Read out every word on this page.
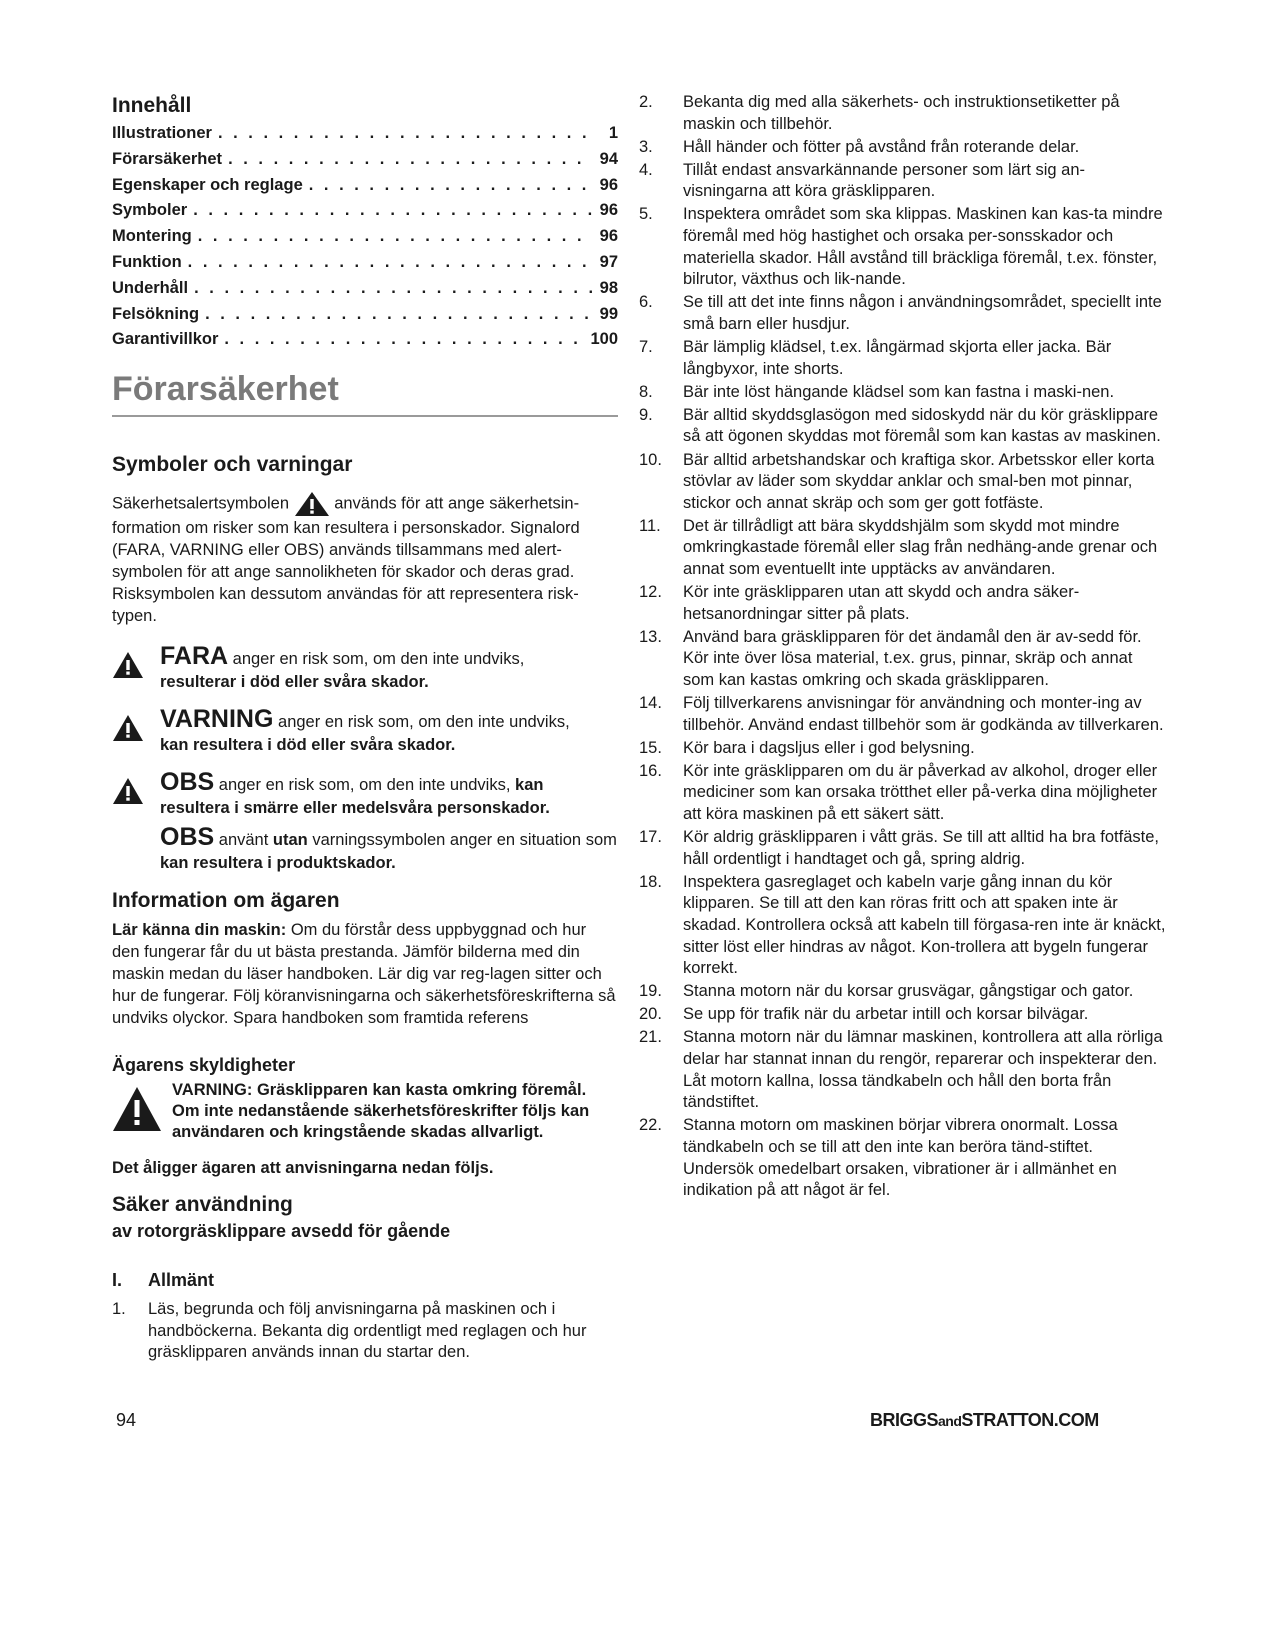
Innehåll
Illustrationer . . .	1
Förarsäkerhet . . .	94
Egenskaper och reglage . . .	96
Symboler . . .	96
Montering . . .	96
Funktion . . .	97
Underhåll . . .	98
Felsökning . . .	99
Garantivillkor . . .	100
Förarsäkerhet
Symboler och varningar

Säkerhetsalertsymbolen	används för att ange säkerhetsin-formation om risker som kan resultera i personskador. Signalord (FARA, VARNING eller OBS) används tillsammans med alert-symbolen för att ange sannolikheten för skador och deras grad. Risksymbolen kan dessutom användas för att representera risk-typen.

FARA anger en risk som, om den inte undviks,
resulterar i död eller svåra skador.
VARNING anger en risk som, om den inte undviks,
kan resultera i död eller svåra skador.
OBS anger en risk som, om den inte undviks, kan
resultera i smärre eller medelsvåra personskador.
OBS använt utan varningssymbolen anger en situation som kan resultera i produktskador.
Information om ägaren

Lär känna din maskin: Om du förstår dess uppbyggnad och hur den fungerar får du ut bästa prestanda. Jämför bilderna med din maskin medan du läser handboken. Lär dig var reg-lagen sitter och hur de fungerar. Följ köranvisningarna och säkerhetsföreskrifterna så undviks olyckor. Spara handboken som framtida referens

Ägarens skyldigheter
VARNING: Gräsklipparen kan kasta omkring föremål. Om inte nedanstående säkerhetsföreskrifter följs kan användaren och kringstående skadas allvarligt.

Det åligger ägaren att anvisningarna nedan följs.

Säker användning
av rotorgräsklippare avsedd för gående
I.	Allmänt
1.	Läs, begrunda och följ anvisningarna på maskinen och i handböckerna. Bekanta dig ordentligt med reglagen och hur gräsklipparen används innan du startar den.
2.	Bekanta dig med alla säkerhets- och instruktionsetiketter på maskin och tillbehör.
3.	Håll händer och fötter på avstånd från roterande delar.
4.	Tillåt endast ansvarkännande personer som lärt sig an-visningarna att köra gräsklipparen.
5.	Inspektera området som ska klippas. Maskinen kan kas-ta mindre föremål med hög hastighet och orsaka per-sonsskador och materiella skador. Håll avstånd till bräckliga föremål, t.ex. fönster, bilrutor, växthus och lik-nande.
6.	Se till att det inte finns någon i användningsområdet, speciellt inte små barn eller husdjur.
7.	Bär lämplig klädsel, t.ex. långärmad skjorta eller jacka. Bär långbyxor, inte shorts.
8.	Bär inte löst hängande klädsel som kan fastna i maski-nen.
9.	Bär alltid skyddsglasögon med sidoskydd när du kör gräsklippare så att ögonen skyddas mot föremål som kan kastas av maskinen.
10.	Bär alltid arbetshandskar och kraftiga skor. Arbetsskor eller korta stövlar av läder som skyddar anklar och smal-ben mot pinnar, stickor och annat skräp och som ger gott fotfäste.
11.	Det är tillrådligt att bära skyddshjälm som skydd mot mindre omkringkastade föremål eller slag från nedhäng-ande grenar och annat som eventuellt inte upptäcks av användaren.
12.	Kör inte gräsklipparen utan att skydd och andra säker-hetsanordningar sitter på plats.
13.	Använd bara gräsklipparen för det ändamål den är av-sedd för. Kör inte över lösa material, t.ex. grus, pinnar, skräp och annat som kan kastas omkring och skada gräsklipparen.
14.	Följ tillverkarens anvisningar för användning och monter-ing av tillbehör. Använd endast tillbehör som är godkända av tillverkaren.
15.	Kör bara i dagsljus eller i god belysning.
16.	Kör inte gräsklipparen om du är påverkad av alkohol, droger eller mediciner som kan orsaka trötthet eller på-verka dina möjligheter att köra maskinen på ett säkert sätt.
17.	Kör aldrig gräsklipparen i vått gräs. Se till att alltid ha bra fotfäste, håll ordentligt i handtaget och gå, spring aldrig.
18.	Inspektera gasreglaget och kabeln varje gång innan du kör klipparen. Se till att den kan röras fritt och att spaken inte är skadad. Kontrollera också att kabeln till förgasa-ren inte är knäckt, sitter löst eller hindras av något. Kon-trollera att bygeln fungerar korrekt.
19.	Stanna motorn när du korsar grusvägar, gångstigar och gator.
20.	Se upp för trafik när du arbetar intill och korsar bilvägar.
21.	Stanna motorn när du lämnar maskinen, kontrollera att alla rörliga delar har stannat innan du rengör, reparerar och inspekterar den. Låt motorn kallna, lossa tändkabeln och håll den borta från tändstiftet.
22.	Stanna motorn om maskinen börjar vibrera onormalt. Lossa tändkabeln och se till att den inte kan beröra tänd-stiftet. Undersök omedelbart orsaken, vibrationer är i allmänhet en indikation på att något är fel.
94	BRIGGSandSTRATTON.COM
